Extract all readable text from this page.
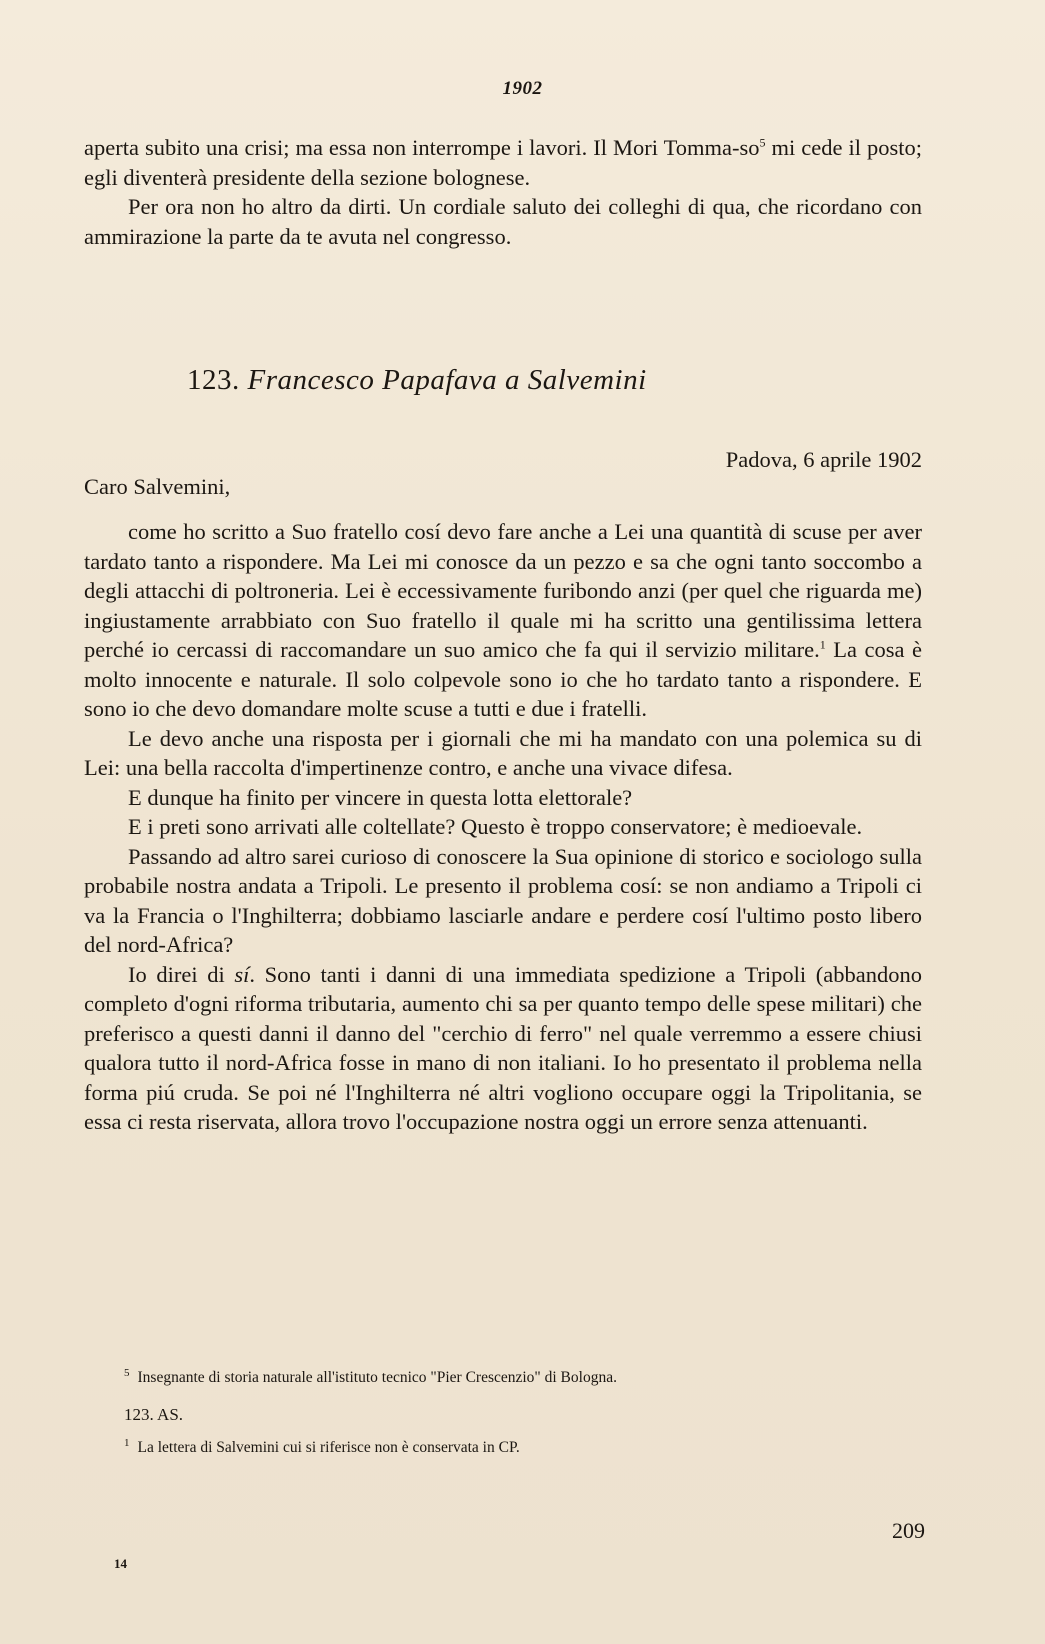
1902

aperta subito una crisi; ma essa non interrompe i lavori. Il Mori Tomma-$so^5$ mi cede il posto; egli diventerà presidente della sezione bolognese.

Per ora non ho altro da dirti. Un cordiale saluto dei colleghi di qua, che ricordano con ammirazione la parte da te avuta nel congresso.

123. Francesco Papafava a Salvemini
Padova, 6 aprile 1902
Caro Salvemini,

come ho scritto a Suo fratello cosí devo fare anche a Lei una quantità di scuse per aver tardato tanto a rispondere. Ma Lei mi conosce da un pezzo e sa che ogni tanto soccombo a degli attacchi di poltroneria. Lei è eccessivamente furibondo anzi (per quel che riguarda me) ingiustamente arrabbiato con Suo fratello il quale mi ha scritto una gentilissima lettera perché io cercassi di raccomandare un suo amico che fa qui il servizio militare.$^1$ La cosa è molto innocente e naturale. Il solo colpevole sono io che ho tardato tanto a rispondere. E sono io che devo domandare molte scuse a tutti e due i fratelli.

Le devo anche una risposta per i giornali che mi ha mandato con una polemica su di Lei: una bella raccolta d'impertinenze contro, e anche una vivace difesa.

E dunque ha finito per vincere in questa lotta elettorale?

E i preti sono arrivati alle coltellate? Questo è troppo conservatore; è medioevale.

Passando ad altro sarei curioso di conoscere la Sua opinione di storico e sociologo sulla probabile nostra andata a Tripoli. Le presento il problema cosí: se non andiamo a Tripoli ci va la Francia o l'Inghilterra; dobbiamo lasciarle andare e perdere cosí l'ultimo posto libero del nord-Africa?

Io direi di sí. Sono tanti i danni di una immediata spedizione a Tripoli (abbandono completo d'ogni riforma tributaria, aumento chi sa per quanto tempo delle spese militari) che preferisco a questi danni il danno del "cerchio di ferro" nel quale verremmo a essere chiusi qualora tutto il nord-Africa fosse in mano di non italiani. Io ho presentato il problema nella forma piú cruda. Se poi né l'Inghilterra né altri vogliono occupare oggi la Tripolitania, se essa ci resta riservata, allora trovo l'occupazione nostra oggi un errore senza attenuanti.

$^5$ Insegnante di storia naturale all'istituto tecnico "Pier Crescenzio" di Bologna.

123. AS.

$^1$ La lettera di Salvemini cui si riferisce non è conservata in CP.

209
14
